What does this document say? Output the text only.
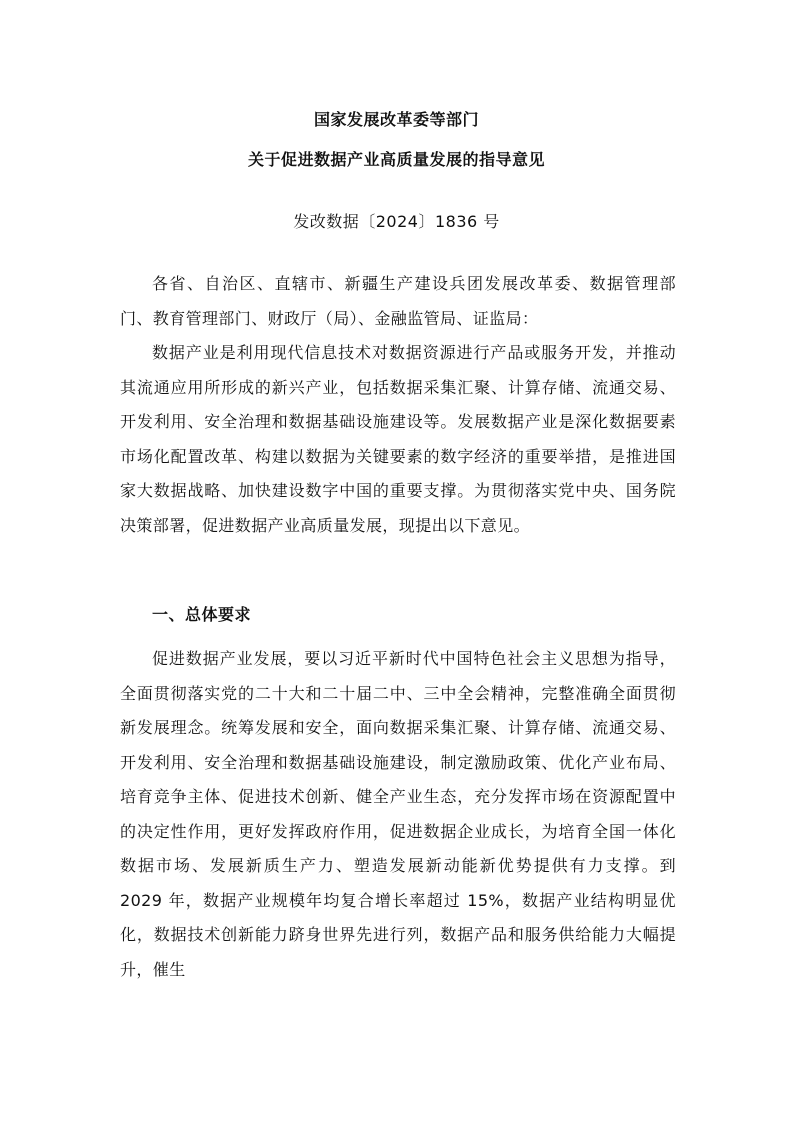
国家发展改革委等部门
关于促进数据产业高质量发展的指导意见
发改数据〔2024〕1836 号

各省、自治区、直辖市、新疆生产建设兵团发展改革委、数据管理部门、教育管理部门、财政厅（局）、金融监管局、证监局：

数据产业是利用现代信息技术对数据资源进行产品或服务开发，并推动其流通应用所形成的新兴产业，包括数据采集汇聚、计算存储、流通交易、开发利用、安全治理和数据基础设施建设等。发展数据产业是深化数据要素市场化配置改革、构建以数据为关键要素的数字经济的重要举措，是推进国家大数据战略、加快建设数字中国的重要支撑。为贯彻落实党中央、国务院决策部署，促进数据产业高质量发展，现提出以下意见。

一、总体要求

促进数据产业发展，要以习近平新时代中国特色社会主义思想为指导，全面贯彻落实党的二十大和二十届二中、三中全会精神，完整准确全面贯彻新发展理念。统筹发展和安全，面向数据采集汇聚、计算存储、流通交易、开发利用、安全治理和数据基础设施建设，制定激励政策、优化产业布局、培育竞争主体、促进技术创新、健全产业生态，充分发挥市场在资源配置中的决定性作用，更好发挥政府作用，促进数据企业成长，为培育全国一体化数据市场、发展新质生产力、塑造发展新动能新优势提供有力支撑。到 2029 年，数据产业规模年均复合增长率超过 15%，数据产业结构明显优化，数据技术创新能力跻身世界先进行列，数据产品和服务供给能力大幅提升，催生
